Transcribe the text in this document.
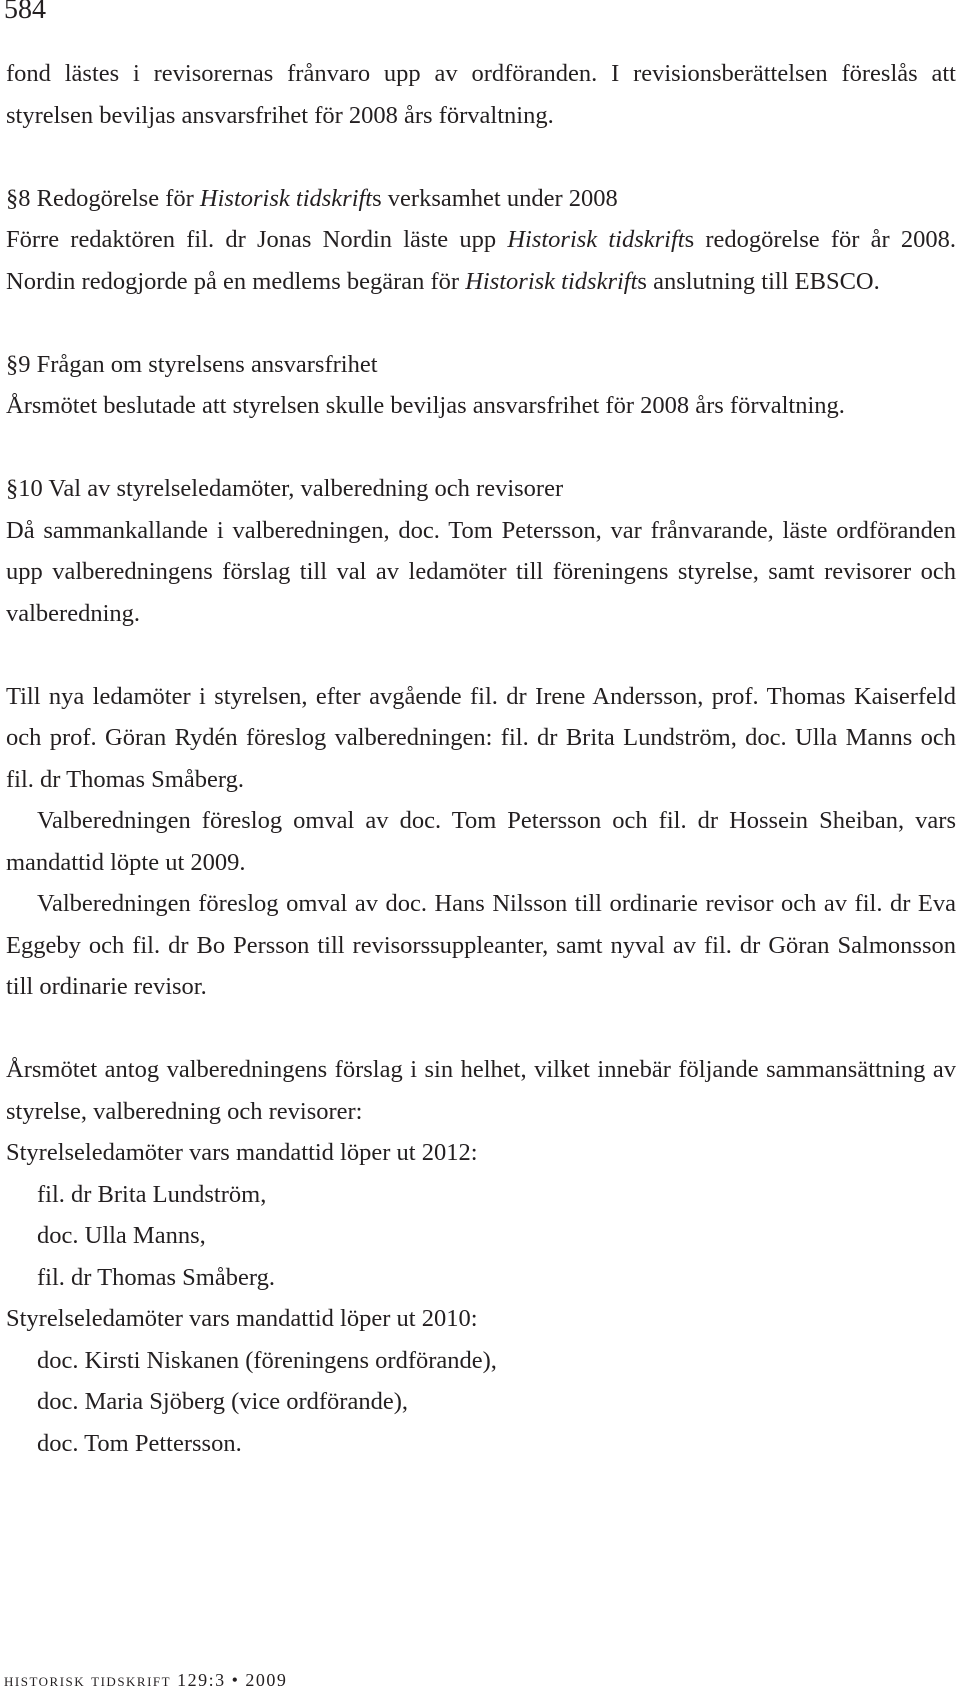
584

fond lästes i revisorernas frånvaro upp av ordföranden. I revisionsberättelsen föreslås att styrelsen beviljas ansvarsfrihet för 2008 års förvaltning.

§8 Redogörelse för Historisk tidskrifts verksamhet under 2008

Förre redaktören fil. dr Jonas Nordin läste upp Historisk tidskrifts redogörelse för år 2008. Nordin redogjorde på en medlems begäran för Historisk tidskrifts anslutning till EBSCO.

§9 Frågan om styrelsens ansvarsfrihet

Årsmötet beslutade att styrelsen skulle beviljas ansvarsfrihet för 2008 års förvaltning.

§10 Val av styrelseledamöter, valberedning och revisorer

Då sammankallande i valberedningen, doc. Tom Petersson, var frånvarande, läste ordföranden upp valberedningens förslag till val av ledamöter till föreningens styrelse, samt revisorer och valberedning.

Till nya ledamöter i styrelsen, efter avgående fil. dr Irene Andersson, prof. Thomas Kaiserfeld och prof. Göran Rydén föreslog valberedningen: fil. dr Brita Lundström, doc. Ulla Manns och fil. dr Thomas Småberg.

Valberedningen föreslog omval av doc. Tom Petersson och fil. dr Hossein Sheiban, vars mandattid löpte ut 2009.

Valberedningen föreslog omval av doc. Hans Nilsson till ordinarie revisor och av fil. dr Eva Eggeby och fil. dr Bo Persson till revisorssuppleanter, samt nyval av fil. dr Göran Salmonsson till ordinarie revisor.

Årsmötet antog valberedningens förslag i sin helhet, vilket innebär följande sammansättning av styrelse, valberedning och revisorer:

Styrelseledamöter vars mandattid löper ut 2012:

fil. dr Brita Lundström,

doc. Ulla Manns,

fil. dr Thomas Småberg.

Styrelseledamöter vars mandattid löper ut 2010:

doc. Kirsti Niskanen (föreningens ordförande),

doc. Maria Sjöberg (vice ordförande),

doc. Tom Pettersson.

historisk tidskrift 129:3 • 2009
